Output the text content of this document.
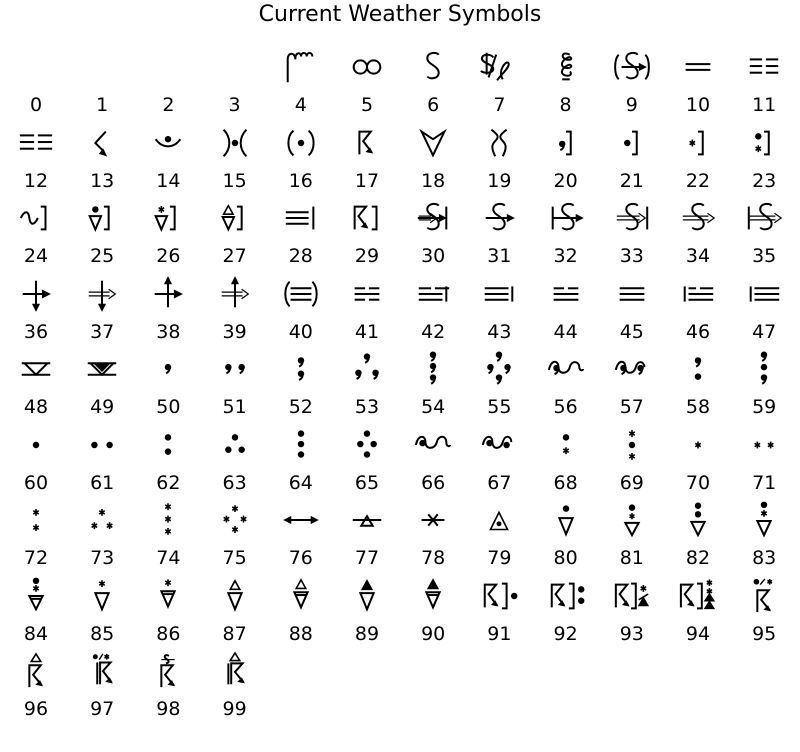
Current Weather Symbols
0	1	2	3	4	5	6	7	8	9	10 11
12 13 14 15 16 17 18 19 20 21 22 23
24 25 26 27 28 29 30 31 32 33 34 35
36 37 38 39 40 41 42 43 44 45 46 47
48 49 50 51 52 53 54 55 56 57 58 59
60 61 62 63 64 65 66 67 68 69 70 71
72 73 74 75 76 77 78 79 80 81 82 83
84 85 86 87 88 89 90 91 92 93 94 95
96 97 98 99
